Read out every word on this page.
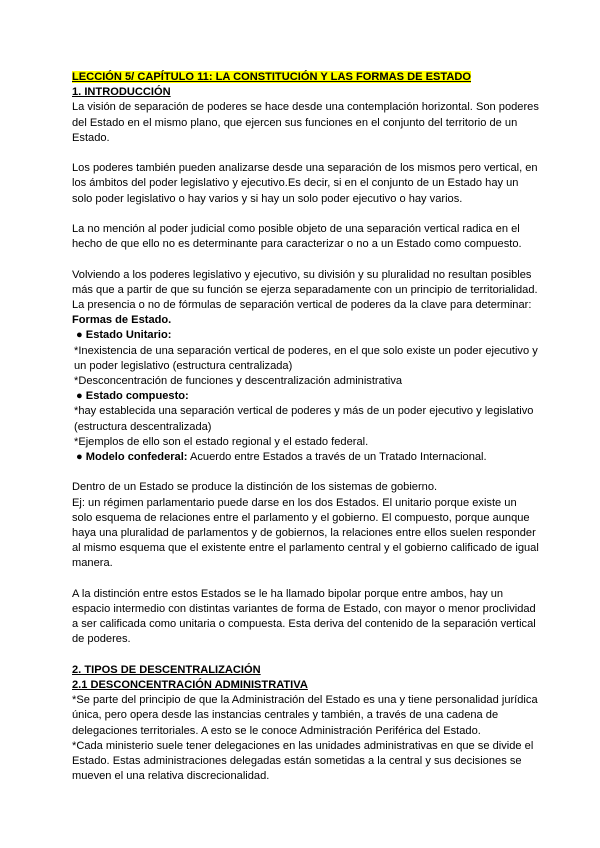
LECCIÓN 5/ CAPÍTULO 11: LA CONSTITUCIÓN Y LAS FORMAS DE ESTADO

1. INTRODUCCIÓN

La visión de separación de poderes se hace desde una contemplación horizontal. Son poderes del Estado en el mismo plano, que ejercen sus funciones en el conjunto del territorio de un Estado.

Los poderes también pueden analizarse desde una separación de los mismos pero vertical, en los ámbitos del poder legislativo y ejecutivo.Es decir, si en el conjunto de un Estado hay un solo poder legislativo o hay varios y si hay un solo poder ejecutivo o hay varios.

La no mención al poder judicial como posible objeto de una separación vertical radica en el hecho de que ello no es determinante para caracterizar o no a un Estado como compuesto.

Volviendo a los poderes legislativo y ejecutivo, su división y su pluralidad no resultan posibles más que a partir de que su función se ejerza separadamente con un principio de territorialidad. La presencia o no de fórmulas de separación vertical de poderes da la clave para determinar:

Formas de Estado.

● Estado Unitario:

*Inexistencia de una separación vertical de poderes, en el que solo existe un poder ejecutivo y un poder legislativo (estructura centralizada)

*Desconcentración de funciones y descentralización administrativa

● Estado compuesto:

*hay establecida una separación vertical de poderes y más de un poder ejecutivo y legislativo (estructura descentralizada)

*Ejemplos de ello son el estado regional y el estado federal.

● Modelo confederal: Acuerdo entre Estados a través de un Tratado Internacional.

Dentro de un Estado se produce la distinción de los sistemas de gobierno.

Ej: un régimen parlamentario puede darse en los dos Estados. El unitario porque existe un solo esquema de relaciones entre el parlamento y el gobierno. El compuesto, porque aunque haya una pluralidad de parlamentos y de gobiernos, la relaciones entre ellos suelen responder al mismo esquema que el existente entre el parlamento central y el gobierno calificado de igual manera.

A la distinción entre estos Estados se le ha llamado bipolar porque entre ambos, hay un espacio intermedio con distintas variantes de forma de Estado, con mayor o menor proclividad a ser calificada como unitaria o compuesta. Esta deriva del contenido de la separación vertical de poderes.

2. TIPOS DE DESCENTRALIZACIÓN

2.1 DESCONCENTRACIÓN ADMINISTRATIVA

*Se parte del principio de que la Administración del Estado es una y tiene personalidad jurídica única, pero opera desde las instancias centrales y también, a través de una cadena de delegaciones territoriales. A esto se le conoce Administración Periférica del Estado.

*Cada ministerio suele tener delegaciones en las unidades administrativas en que se divide el Estado. Estas administraciones delegadas están sometidas a la central y sus decisiones se mueven el una relativa discrecionalidad.
